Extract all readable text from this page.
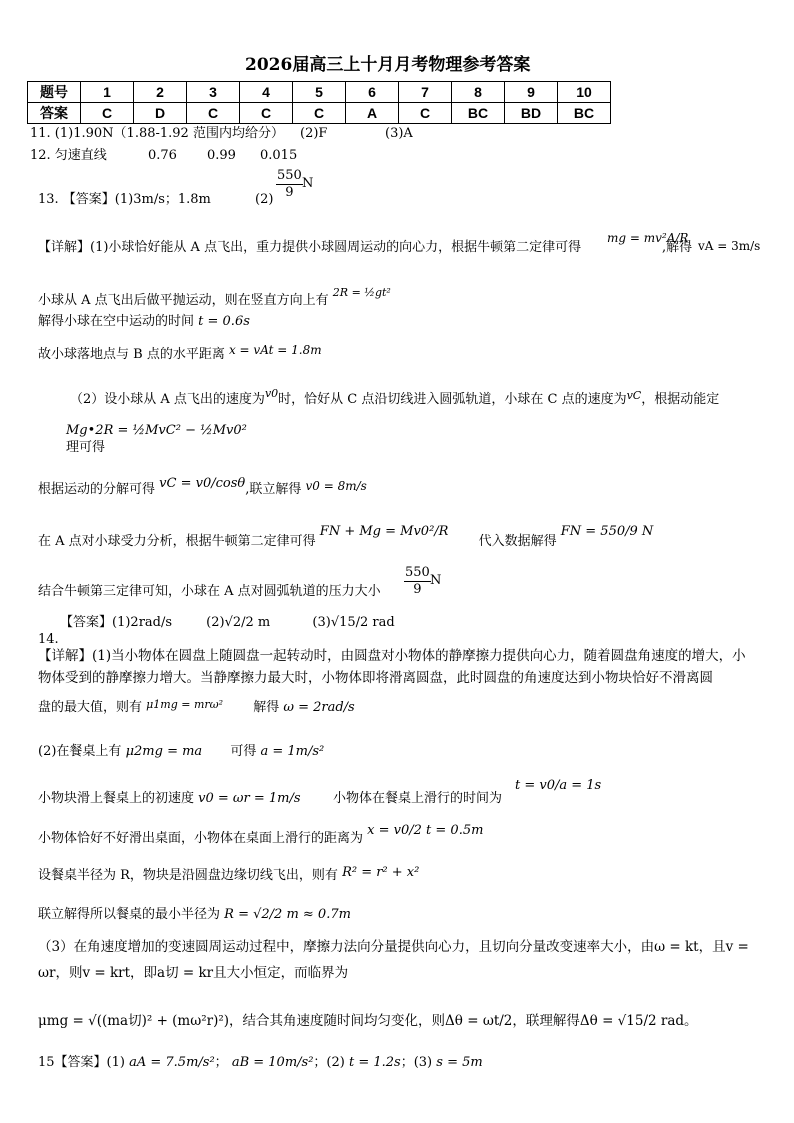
2026届高三上十月月考物理参考答案
题号	1	2	3	4	5	6	7	8	9	10
答案	C	D	C	C	C	A	C	BC	BD	BC
11. (1)1.90N（1.88-1.92 范围内均给分） (2)F	(3)A
12. 匀速直线	0.76 0.99 0.015
13. 【答案】(1)3m/s；1.8m	$(2) \frac{550}{9}$ N
【详解】(1)小球恰好能从 A 点飞出，重力提供小球圆周运动的向心力，根据牛顿第二定律可得
mg = mv²A/R
,解得 vA = 3m/s
小球从 A 点飞出后做平抛运动，则在竖直方向上有 $^{2R = \frac{1}{2}gt^2}$
解得小球在空中运动的时间 t = 0.6s
故小球落地点与 B 点的水平距离 x = vAt = 1.8m
（2）设小球从 A 点飞出的速度为$^{v0}$时，恰好从 C 点沿切线进入圆弧轨道，小球在 C 点的速度为$^{vC}$，根据动能定
Mg•2R = ½MvC² − ½Mv0²
理可得
根据运动的分解可得 vC = v0/cosθ,联立解得 v0 = 8m/s
在 A 点对小球受力分析，根据牛顿第二定律可得 FN + Mg = Mv0²/R 代入数据解得 FN = 550/9 N
结合牛顿第三定律可知，小球在 A 点对圆弧轨道的压力大小 $\frac{550}{9}$ N
【答案】(1)2rad/s	(2)√2/2 m	(3)√15/2 rad
14.
【详解】(1)当小物体在圆盘上随圆盘一起转动时，由圆盘对小物体的静摩擦力提供向心力，随着圆盘角速度的增大，小物体受到的静摩擦力增大。当静摩擦力最大时，小物体即将滑离圆盘，此时圆盘的角速度达到小物块恰好不滑离圆
盘的最大值，则有 $^{\mu 1mg = mr\omega^2}$ 解得 ω = 2rad/s
(2)在餐桌上有 μ2mg = ma 可得 a = 1m/s²
小物块滑上餐桌上的初速度 v0 = ωr = 1m/s 小物体在餐桌上滑行的时间为
t = v0/a = 1s
小物体恰好不好滑出桌面，小物体在桌面上滑行的距离为 x = v0/2 t = 0.5m
设餐桌半径为 R，物块是沿圆盘边缘切线飞出，则有 R² = r² + x²
联立解得所以餐桌的最小半径为 R = √2/2 m ≈ 0.7m
（3）在角速度增加的变速圆周运动过程中，摩擦力法向分量提供向心力，且切向分量改变速率大小，由ω = kt，且v = ωr，则v = krt，即a切 = kr且大小恒定，而临界为
μmg = √((ma切)² + (mω²r)²)，结合其角速度随时间均匀变化，则Δθ = ωt/2，联理解得Δθ = √15/2 rad。
15【答案】(1) aA = 7.5m/s²； aB = 10m/s²；(2) t = 1.2s；(3) s = 5m
